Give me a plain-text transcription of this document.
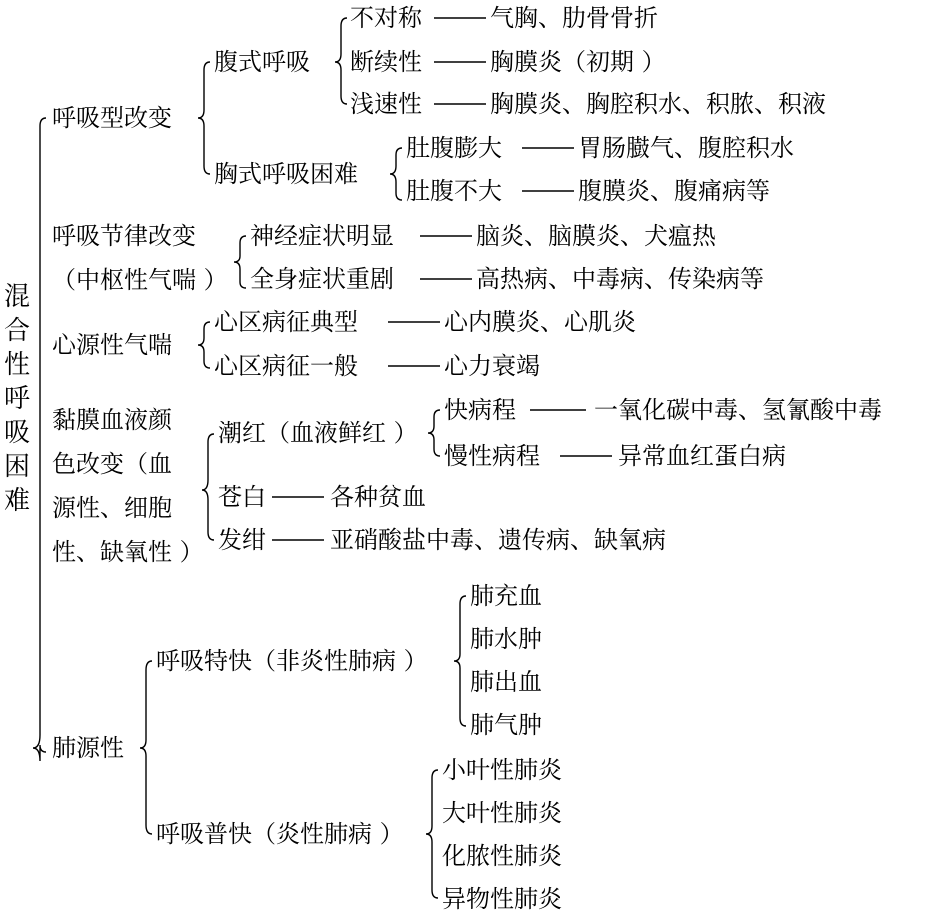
混合性呼吸困难
呼吸型改变
腹式呼吸
不对称	气胸、肋骨骨折
断续性	胸膜炎（初期 ）
浅速性	胸膜炎、胸腔积水、积脓、积液
胸式呼吸困难
肚腹膨大	胃肠臌气、腹腔积水
肚腹不大	腹膜炎、腹痛病等
呼吸节律改变
（中枢性气喘 ）
神经症状明显	脑炎、脑膜炎、犬瘟热
全身症状重剧	高热病、中毒病、传染病等
心源性气喘
心区病征典型	心内膜炎、心肌炎
心区病征一般	心力衰竭
黏膜血液颜
色改变（血
源性、细胞
性、缺氧性 ）
潮红（血液鲜红 ）
快病程	一氧化碳中毒、氢氰酸中毒
慢性病程	异常血红蛋白病
苍白	各种贫血
发绀	亚硝酸盐中毒、遗传病、缺氧病
肺源性
呼吸特快（非炎性肺病 ）
肺充血
肺水肿
肺出血
肺气肿
呼吸普快（炎性肺病 ）
小叶性肺炎
大叶性肺炎
化脓性肺炎
异物性肺炎
